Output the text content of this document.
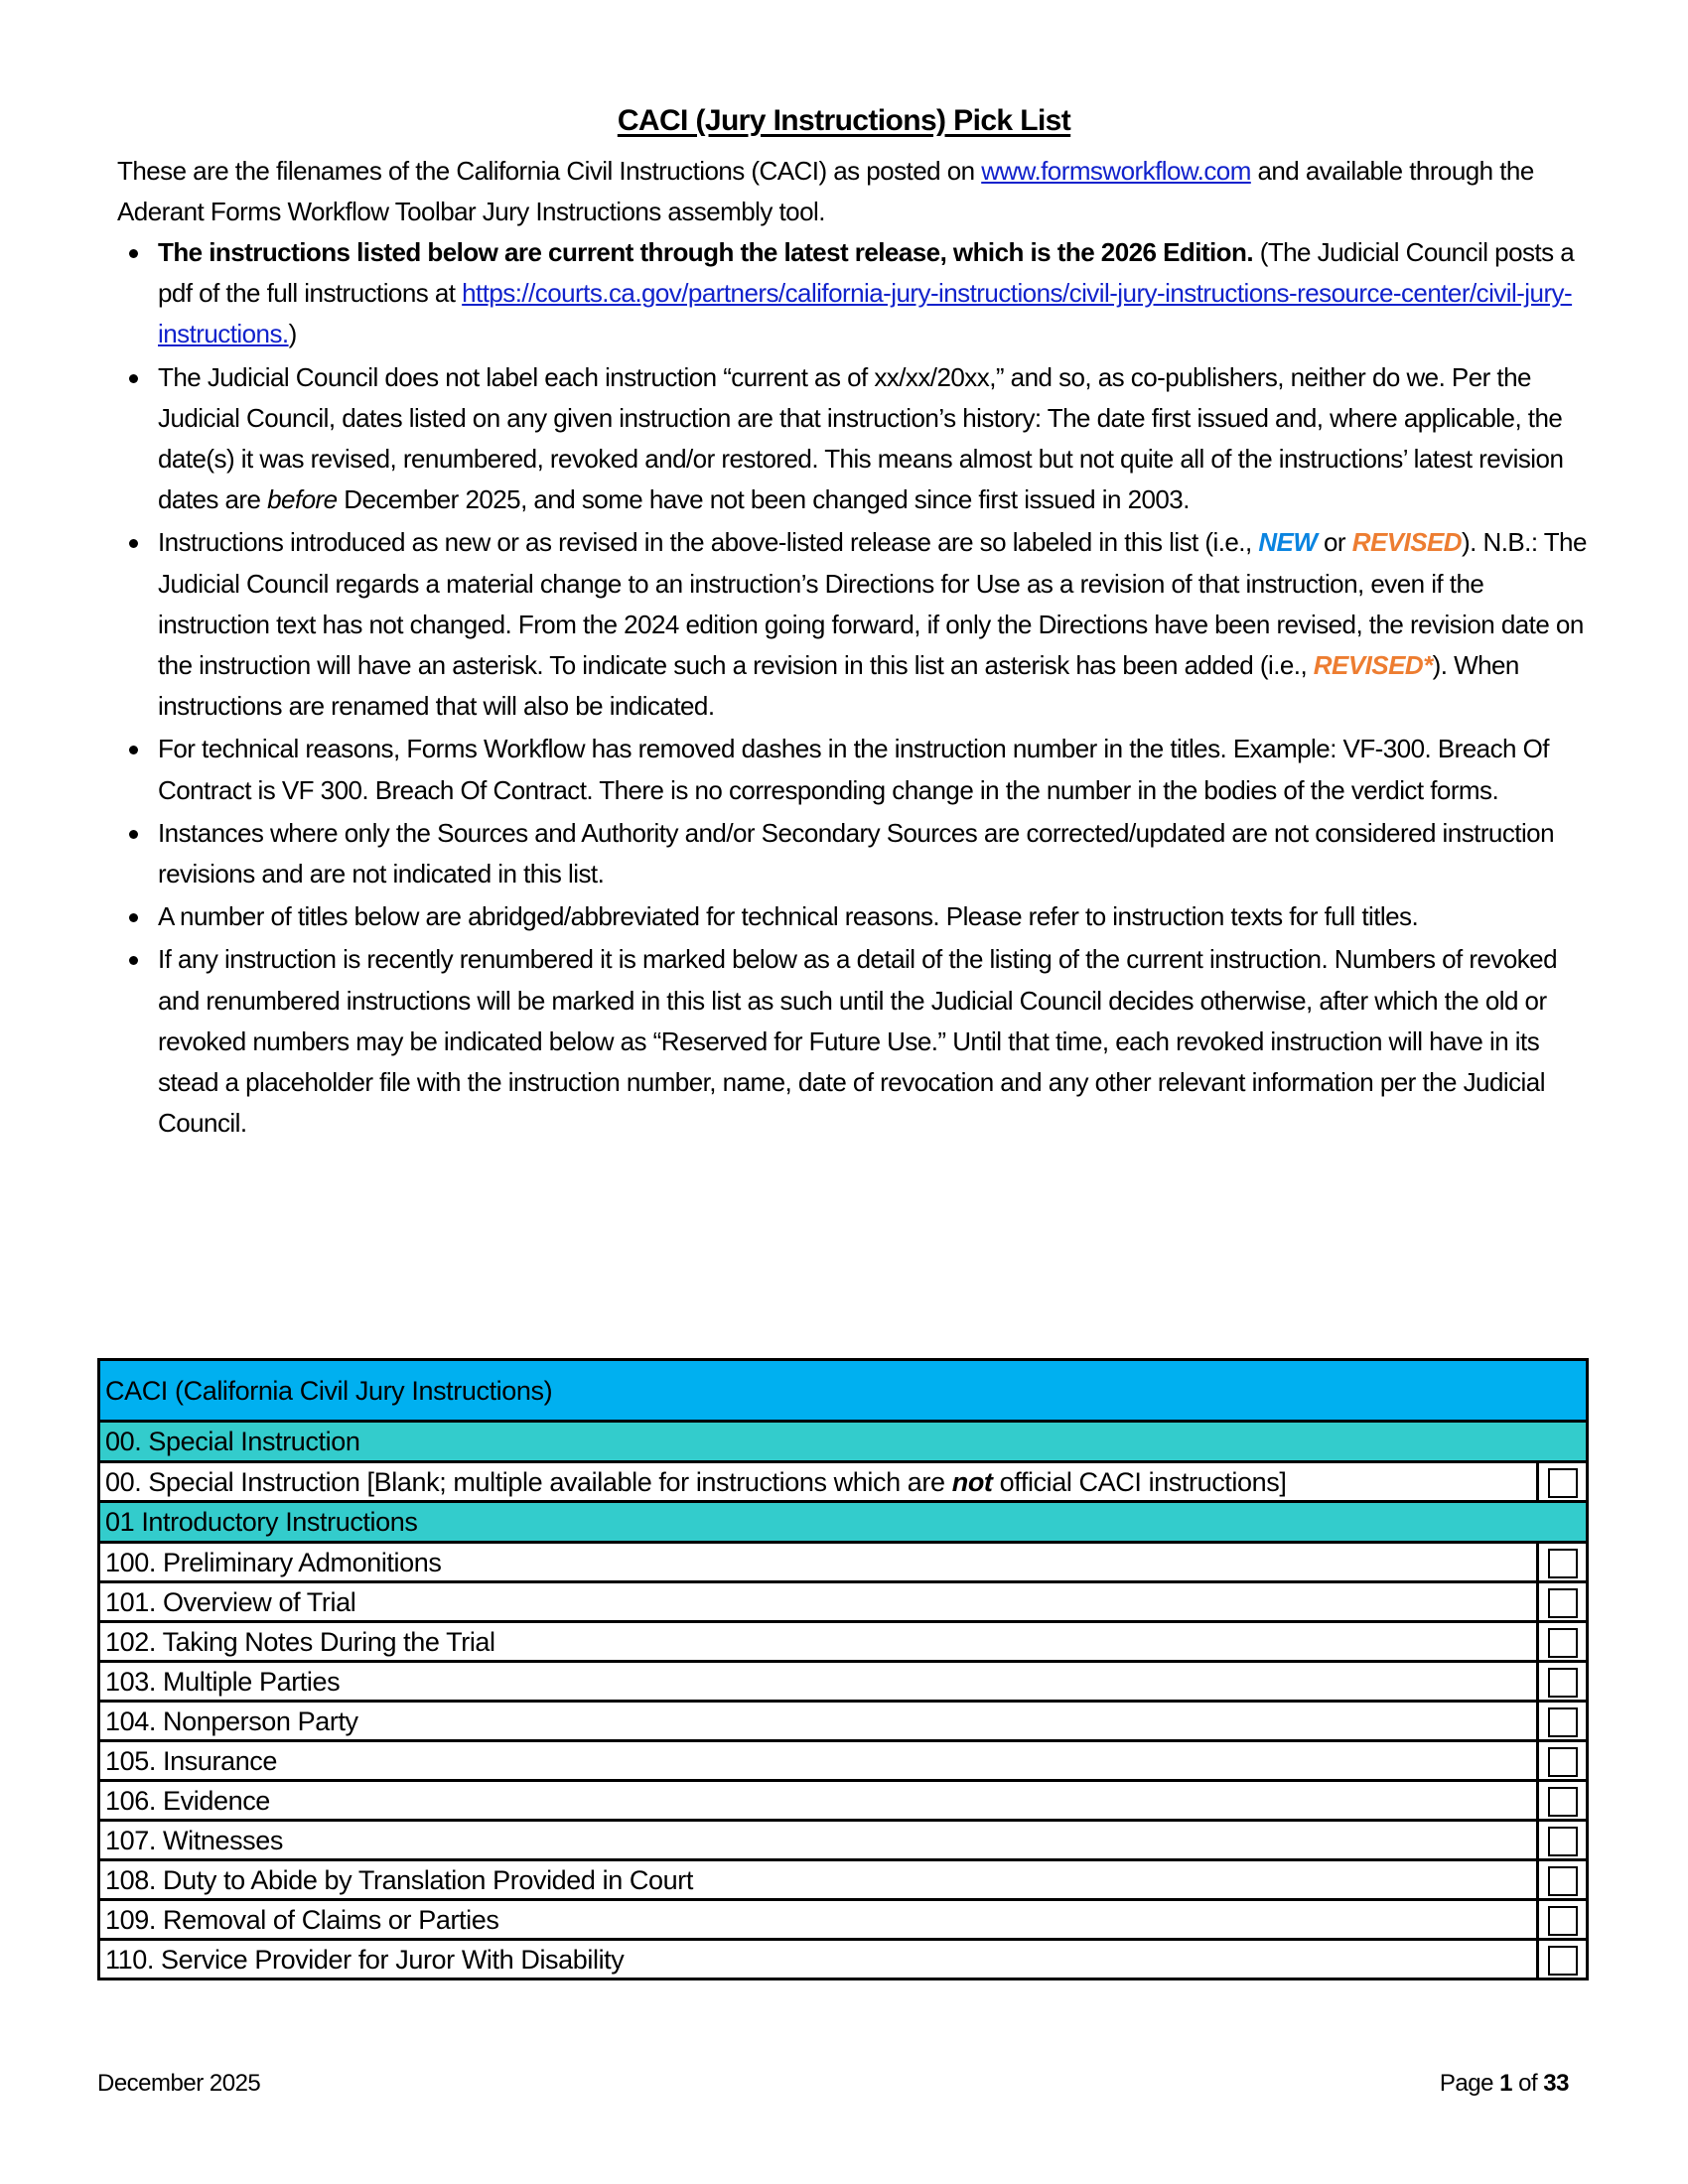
CACI (Jury Instructions) Pick List
These are the filenames of the California Civil Instructions (CACI) as posted on www.formsworkflow.com and available through the Aderant Forms Workflow Toolbar Jury Instructions assembly tool.
The instructions listed below are current through the latest release, which is the 2026 Edition. (The Judicial Council posts a pdf of the full instructions at https://courts.ca.gov/partners/california-jury-instructions/civil-jury-instructions-resource-center/civil-jury-instructions.)
The Judicial Council does not label each instruction “current as of xx/xx/20xx,” and so, as co-publishers, neither do we. Per the Judicial Council, dates listed on any given instruction are that instruction’s history: The date first issued and, where applicable, the date(s) it was revised, renumbered, revoked and/or restored. This means almost but not quite all of the instructions’ latest revision dates are before December 2025, and some have not been changed since first issued in 2003.
Instructions introduced as new or as revised in the above-listed release are so labeled in this list (i.e., NEW or REVISED). N.B.: The Judicial Council regards a material change to an instruction’s Directions for Use as a revision of that instruction, even if the instruction text has not changed. From the 2024 edition going forward, if only the Directions have been revised, the revision date on the instruction will have an asterisk. To indicate such a revision in this list an asterisk has been added (i.e., REVISED*). When instructions are renamed that will also be indicated.
For technical reasons, Forms Workflow has removed dashes in the instruction number in the titles. Example: VF-300. Breach Of Contract is VF 300. Breach Of Contract. There is no corresponding change in the number in the bodies of the verdict forms.
Instances where only the Sources and Authority and/or Secondary Sources are corrected/updated are not considered instruction revisions and are not indicated in this list.
A number of titles below are abridged/abbreviated for technical reasons. Please refer to instruction texts for full titles.
If any instruction is recently renumbered it is marked below as a detail of the listing of the current instruction. Numbers of revoked and renumbered instructions will be marked in this list as such until the Judicial Council decides otherwise, after which the old or revoked numbers may be indicated below as “Reserved for Future Use.” Until that time, each revoked instruction will have in its stead a placeholder file with the instruction number, name, date of revocation and any other relevant information per the Judicial Council.
CACI (California Civil Jury Instructions)	
00. Special Instruction	
00. Special Instruction [Blank; multiple available for instructions which are not official CACI instructions]	
01 Introductory Instructions	
100. Preliminary Admonitions	
101. Overview of Trial	
102. Taking Notes During the Trial	
103. Multiple Parties	
104. Nonperson Party	
105. Insurance	
106. Evidence	
107. Witnesses	
108. Duty to Abide by Translation Provided in Court	
109. Removal of Claims or Parties	
110. Service Provider for Juror With Disability	
December 2025	Page 1 of 33
